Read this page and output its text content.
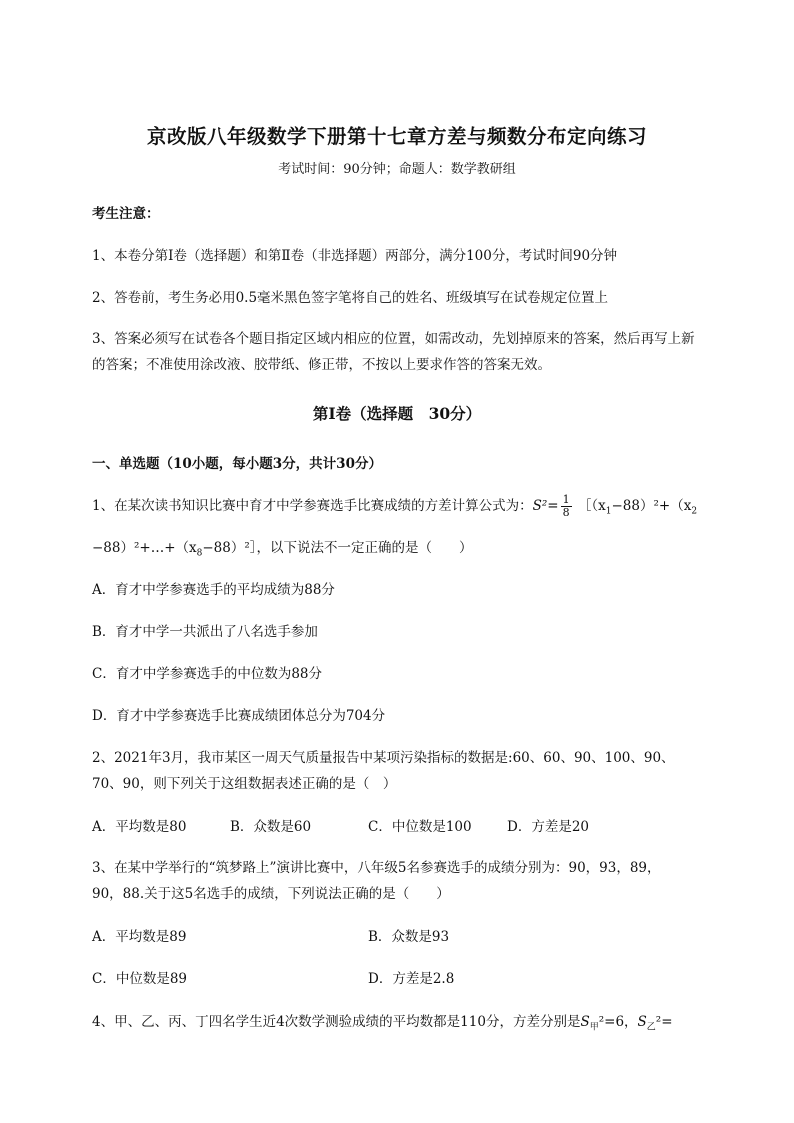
京改版八年级数学下册第十七章方差与频数分布定向练习
考试时间：90分钟；命题人：数学教研组
考生注意：
1、本卷分第Ⅰ卷（选择题）和第Ⅱ卷（非选择题）两部分，满分100分，考试时间90分钟
2、答卷前，考生务必用0.5毫米黑色签字笔将自己的姓名、班级填写在试卷规定位置上
3、答案必须写在试卷各个题目指定区域内相应的位置，如需改动，先划掉原来的答案，然后再写上新
的答案；不准使用涂改液、胶带纸、修正带，不按以上要求作答的答案无效。
第Ⅰ卷（选择题　30分）
一、单选题（10小题，每小题3分，共计30分）
1、在某次读书知识比赛中育才中学参赛选手比赛成绩的方差计算公式为：$S^2= \frac{1}{8}$ $[(x_1-88)^2+(x_2$
$-88)^2+\dots+(x_8-88)^2]$，以下说法不一定正确的是（　　）
A．育才中学参赛选手的平均成绩为88分
B．育才中学一共派出了八名选手参加
C．育才中学参赛选手的中位数为88分
D．育才中学参赛选手比赛成绩团体总分为704分
2、2021年3月，我市某区一周天气质量报告中某项污染指标的数据是:60、60、90、100、90、
70、90，则下列关于这组数据表述正确的是（　）
A．平均数是80	B．众数是60	C．中位数是100	D．方差是20
3、在某中学举行的“筑梦路上”演讲比赛中，八年级5名参赛选手的成绩分别为：90，93，89，
90，88.关于这5名选手的成绩，下列说法正确的是（　　）
A．平均数是89	B．众数是93
C．中位数是89	D．方差是2.8
4、甲、乙、丙、丁四名学生近4次数学测验成绩的平均数都是110分，方差分别是$S_甲^2=6$，$S_乙^2=$
